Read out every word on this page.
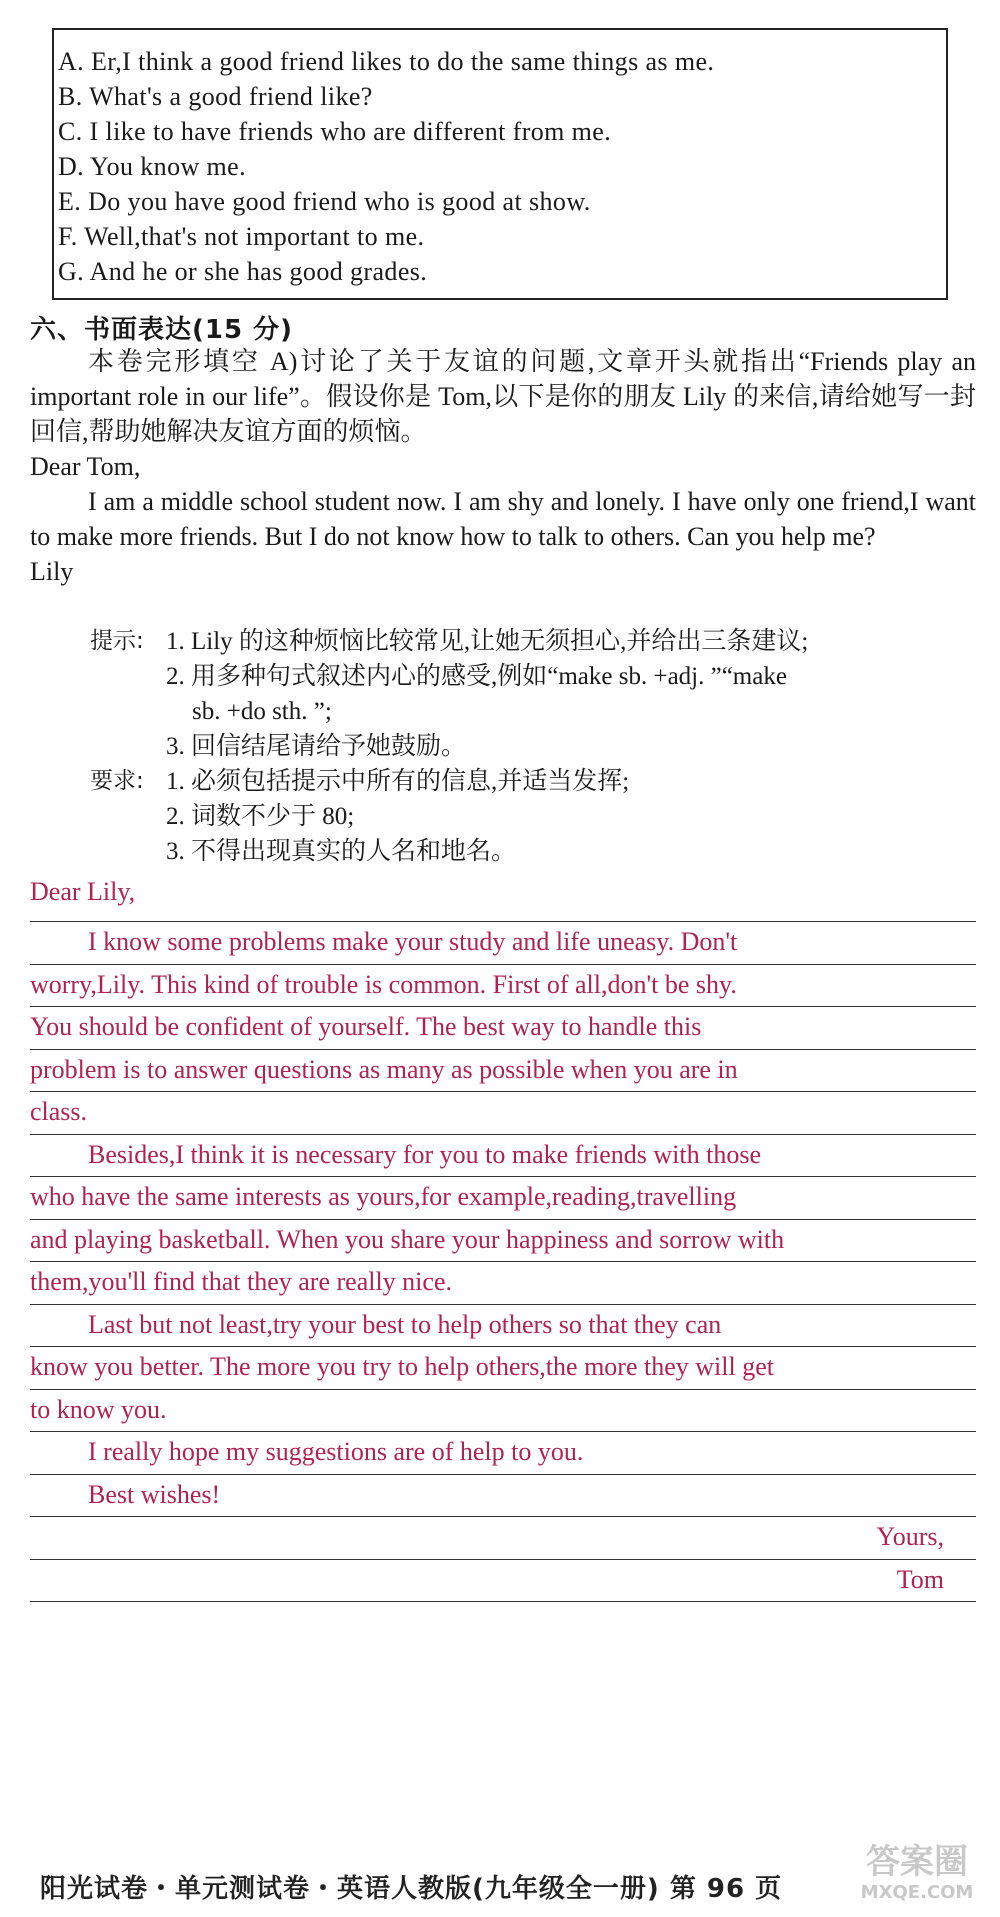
A. Er,I think a good friend likes to do the same things as me.
B. What's a good friend like?
C. I like to have friends who are different from me.
D. You know me.
E. Do you have good friend who is good at show.
F. Well,that's not important to me.
G. And he or she has good grades.
六、书面表达(15 分)

本卷完形填空 A)讨论了关于友谊的问题,文章开头就指出“Friends play an important role in our life”。假设你是 Tom,以下是你的朋友 Lily 的来信,请给她写一封回信,帮助她解决友谊方面的烦恼。

Dear Tom,

I am a middle school student now. I am shy and lonely. I have only one friend,I want to make more friends. But I do not know how to talk to others. Can you help me?

Lily

提示: 1. Lily 的这种烦恼比较常见,让她无须担心,并给出三条建议;
2. 用多种句式叙述内心的感受,例如“make sb. +adj. ”“make
sb. +do sth. ”;
3. 回信结尾请给予她鼓励。
要求: 1. 必须包括提示中所有的信息,并适当发挥;
2. 词数不少于 80;
3. 不得出现真实的人名和地名。
Dear Lily,
I know some problems make your study and life uneasy. Don't
worry,Lily. This kind of trouble is common. First of all,don't be shy.
You should be confident of yourself. The best way to handle this
problem is to answer questions as many as possible when you are in
class.
Besides,I think it is necessary for you to make friends with those
who have the same interests as yours,for example,reading,travelling
and playing basketball. When you share your happiness and sorrow with
them,you'll find that they are really nice.
Last but not least,try your best to help others so that they can
know you better. The more you try to help others,the more they will get
to know you.
I really hope my suggestions are of help to you.
Best wishes!
Yours,
Tom
阳光试卷・单元测试卷・英语人教版(九年级全一册) 第 96 页
答案圈
MXQE.COM
